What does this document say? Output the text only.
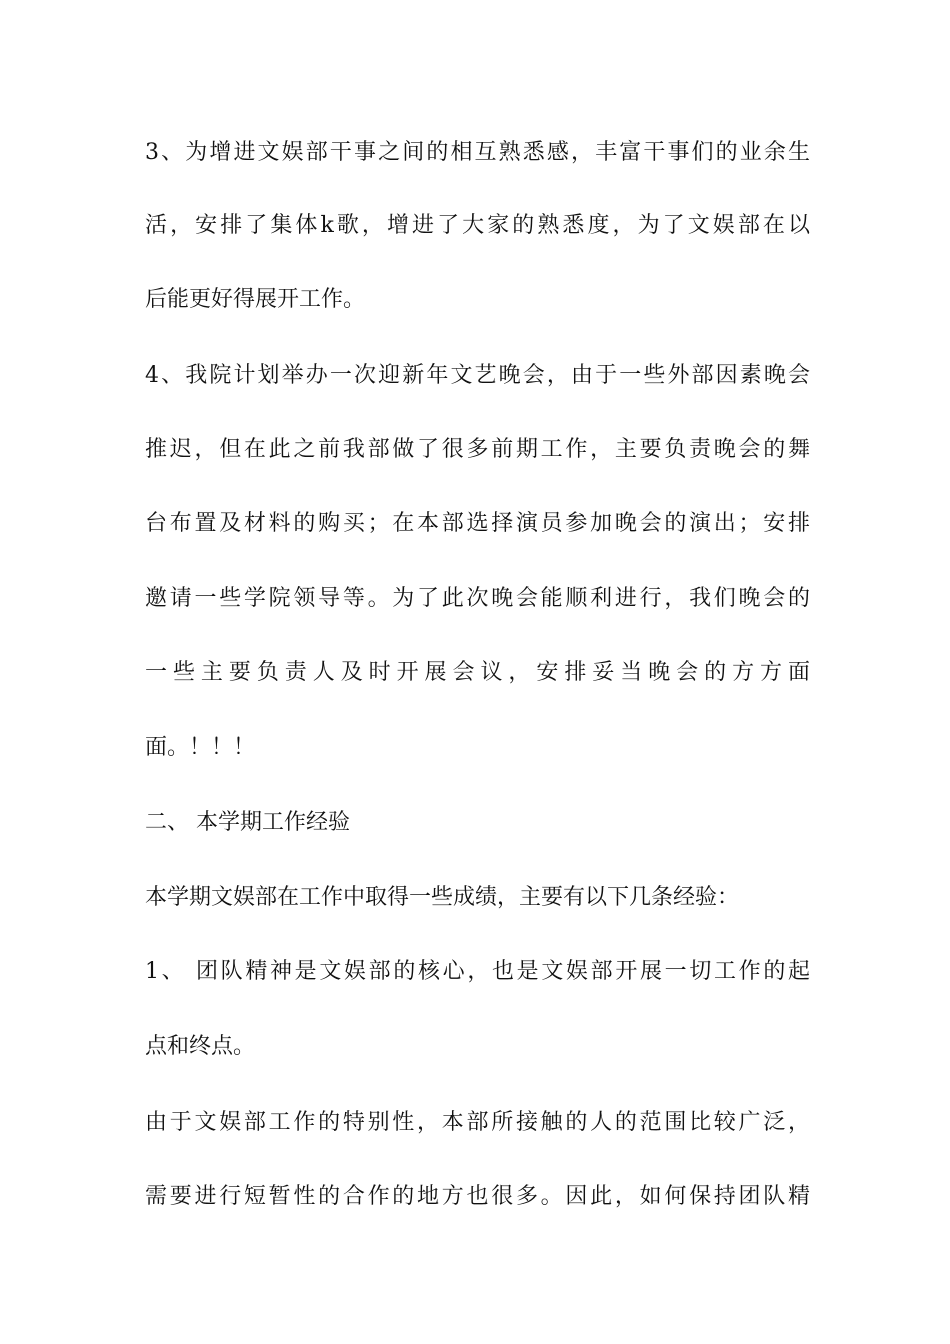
3、为增进文娱部干事之间的相互熟悉感，丰富干事们的业余生
活，安排了集体k歌，增进了大家的熟悉度，为了文娱部在以
后能更好得展开工作。
4、我院计划举办一次迎新年文艺晚会，由于一些外部因素晚会
推迟，但在此之前我部做了很多前期工作，主要负责晚会的舞
台布置及材料的购买；在本部选择演员参加晚会的演出；安排
邀请一些学院领导等。为了此次晚会能顺利进行，我们晚会的
一些主要负责人及时开展会议，安排妥当晚会的方方面
面。！！！
二、 本学期工作经验
本学期文娱部在工作中取得一些成绩，主要有以下几条经验：
1、 团队精神是文娱部的核心，也是文娱部开展一切工作的起
点和终点。
由于文娱部工作的特别性，本部所接触的人的范围比较广泛，
需要进行短暂性的合作的地方也很多。因此，如何保持团队精
